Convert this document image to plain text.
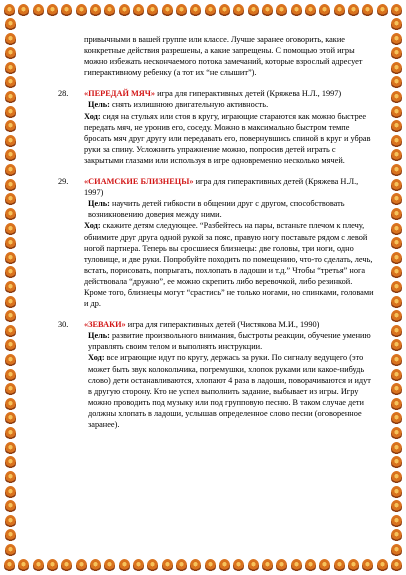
привычными в вашей группе или классе. Лучше заранее оговорить, какие конкретные действия разрешены, а какие запрещены. С помощью этой игры можно избежать нескончаемого потока замечаний, которые взрослый адресует гиперактивному ребенку (а тот их “не слышит”).

28.	«ПЕРЕДАЙ МЯЧ» игра для гиперактивных детей (Кряжева Н.Л., 1997)

Цель: снять излишнюю двигательную активность.

Ход: сидя на стульях или стоя в кругу, играющие стараются как можно быстрее передать мяч, не уронив его, соседу. Можно в максимально быстром темпе бросать мяч друг другу или передавать его, повернувшись спиной в круг и убрав руки за спину. Усложнить упражнение можно, попросив детей играть с закрытыми глазами или используя в игре одновременно несколько мячей.

29.	«СИАМСКИЕ БЛИЗНЕЦЫ» игра для гиперактивных детей (Кряжева Н.Л., 1997)

Цель: научить детей гибкости в общении друг с другом, способствовать возникновению доверия между ними.

Ход: скажите детям следующее. “Разбейтесь на пары, встаньте плечом к плечу, обнимите друг друга одной рукой за пояс, правую ногу поставьте рядом с левой ногой партнера. Теперь вы сросшиеся близнецы: две головы, три ноги, одно туловище, и две руки. Попробуйте походить по помещению, что-то сделать, лечь, встать, порисовать, попрыгать, похлопать в ладоши и т.д.” Чтобы “третья” нога действовала “дружно”, ее можно скрепить либо веревочкой, либо резинкой. Кроме того, близнецы могут “срастись” не только ногами, но спинками, головами и др.

30.	«ЗЕВАКИ» игра для гиперактивных детей (Чистякова М.И., 1990)

Цель: развитие произвольного внимания, быстроты реакции, обучение умению управлять своим телом и выполнять инструкции.

Ход: все играющие идут по кругу, держась за руки. По сигналу ведущего (это может быть звук колокольчика, погремушки, хлопок руками или какое-нибудь слово) дети останавливаются, хлопают 4 раза в ладоши, поворачиваются и идут в другую сторону. Кто не успел выполнить задание, выбывает из игры. Игру можно проводить под музыку или под групповую песню. В таком случае дети должны хлопать в ладоши, услышав определенное слово песни (оговоренное заранее).
